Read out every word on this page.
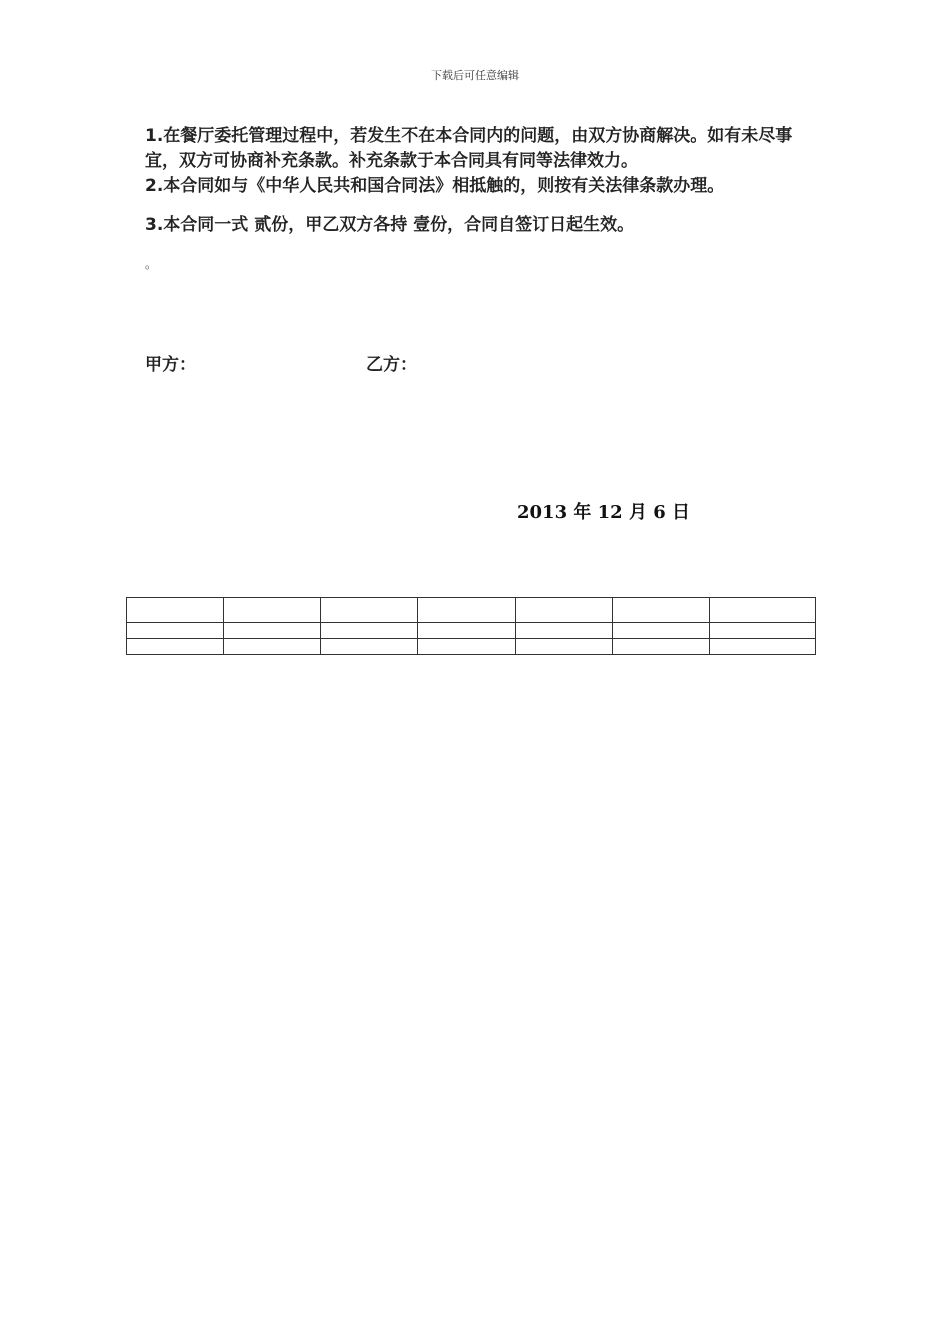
下载后可任意编辑

1.在餐厅委托管理过程中，若发生不在本合同内的问题，由双方协商解决。如有未尽事宜，双方可协商补充条款。补充条款于本合同具有同等法律效力。

2.本合同如与《中华人民共和国合同法》相抵触的，则按有关法律条款办理。

3.本合同一式 贰份，甲乙双方各持 壹份，合同自签订日起生效。

。
甲方：	乙方：
2013 年 12 月 6 日
